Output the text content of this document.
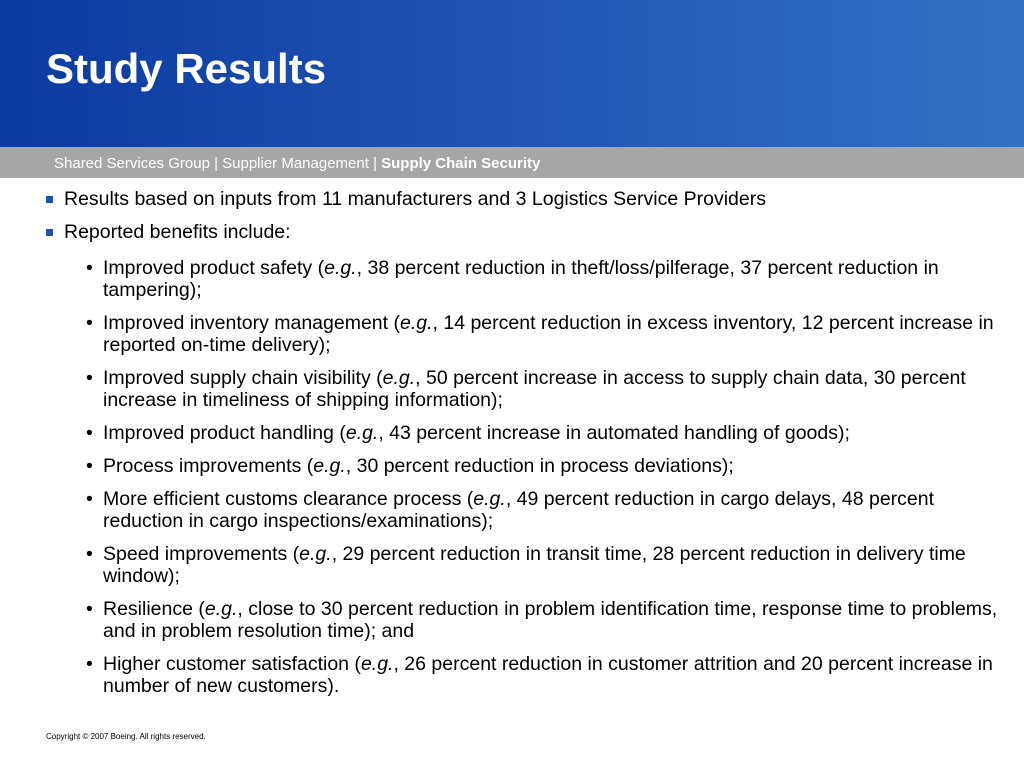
Study Results
Shared Services Group | Supplier Management | Supply Chain Security
Results based on inputs from 11 manufacturers and 3 Logistics Service Providers
Reported benefits include:
• Improved product safety (e.g., 38 percent reduction in theft/loss/pilferage, 37 percent reduction in tampering);
• Improved inventory management (e.g., 14 percent reduction in excess inventory, 12 percent increase in reported on-time delivery);
• Improved supply chain visibility (e.g., 50 percent increase in access to supply chain data, 30 percent increase in timeliness of shipping information);
• Improved product handling (e.g., 43 percent increase in automated handling of goods);
• Process improvements (e.g., 30 percent reduction in process deviations);
• More efficient customs clearance process (e.g., 49 percent reduction in cargo delays, 48 percent reduction in cargo inspections/examinations);
• Speed improvements (e.g., 29 percent reduction in transit time, 28 percent reduction in delivery time window);
• Resilience (e.g., close to 30 percent reduction in problem identification time, response time to problems, and in problem resolution time); and
• Higher customer satisfaction (e.g., 26 percent reduction in customer attrition and 20 percent increase in number of new customers).
Copyright © 2007 Boeing. All rights reserved.
